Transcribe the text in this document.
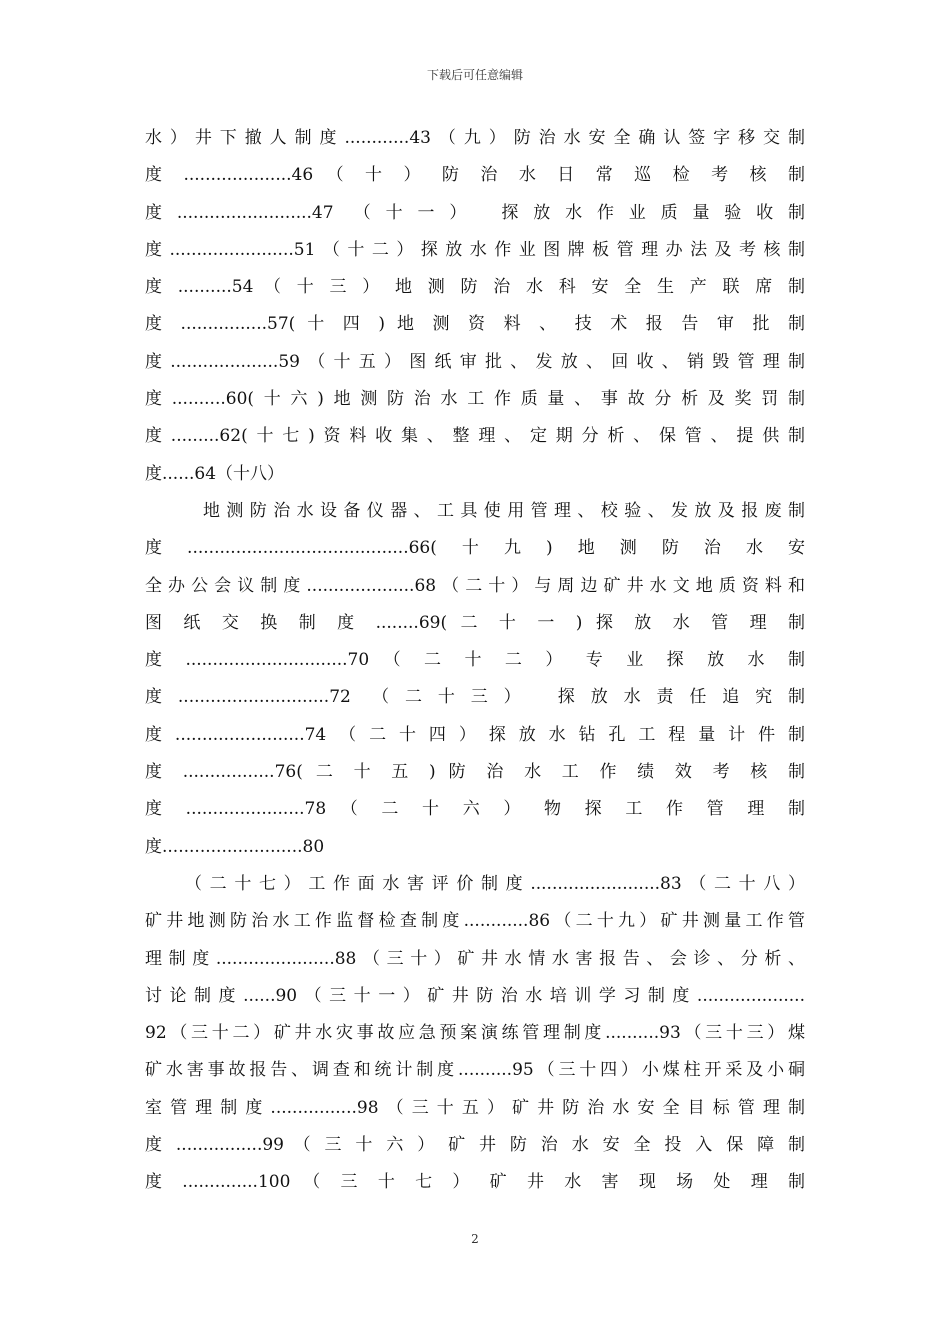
下载后可任意编辑
水）井下撤人制度............43（九）防治水安全确认签字移交制
度 ....................46 （ 十 ） 防 治 水 日 常 巡 检 考 核 制
度.........................47 （十一） 探放水作业质量验收制
度.......................51（十二）探放水作业图牌板管理办法及考核制
度 ..........54 （ 十 三 ） 地 测 防 治 水 科 安 全 生 产 联 席 制
度 ................57( 十 四 ) 地 测 资 料 、 技 术 报 告 审 批 制
度....................59（十五）图纸审批、发放、回收、销毁管理制
度..........60(十六)地测防治水工作质量、事故分析及奖罚制
度.........62(十七)资料收集、整理、定期分析、保管、提供制
度......64（十八）
地测防治水设备仪器、工具使用管理、校验、发放及报废制
度.........................................66(十九)地测防治水安
全办公会议制度....................68（二十）与周边矿井水文地质资料和
图 纸 交 换 制 度 ........69( 二 十 一 ) 探 放 水 管 理 制
度 ..............................70 （ 二 十 二 ） 专 业 探 放 水 制
度............................72 （二十三） 探放水责任追究制
度........................74（二十四）探放水钻孔工程量计件制
度 .................76( 二 十 五 ) 防 治 水 工 作 绩 效 考 核 制
度 ......................78 （ 二 十 六 ） 物 探 工 作 管 理 制
度..........................80
（二十七）工作面水害评价制度........................83（二十八）
矿井地测防治水工作监督检查制度............86（二十九）矿井测量工作管
理制度......................88（三十）矿井水情水害报告、会诊、分析、
讨论制度......90（三十一）矿井防治水培训学习制度....................
92（三十二）矿井水灾事故应急预案演练管理制度..........93（三十三）煤
矿水害事故报告、调查和统计制度..........95（三十四）小煤柱开采及小硐
室管理制度................98（三十五）矿井防治水安全目标管理制
度 ................99 （ 三 十 六 ） 矿 井 防 治 水 安 全 投 入 保 障 制
度 ..............100 （ 三 十 七 ） 矿 井 水 害 现 场 处 理 制
2
